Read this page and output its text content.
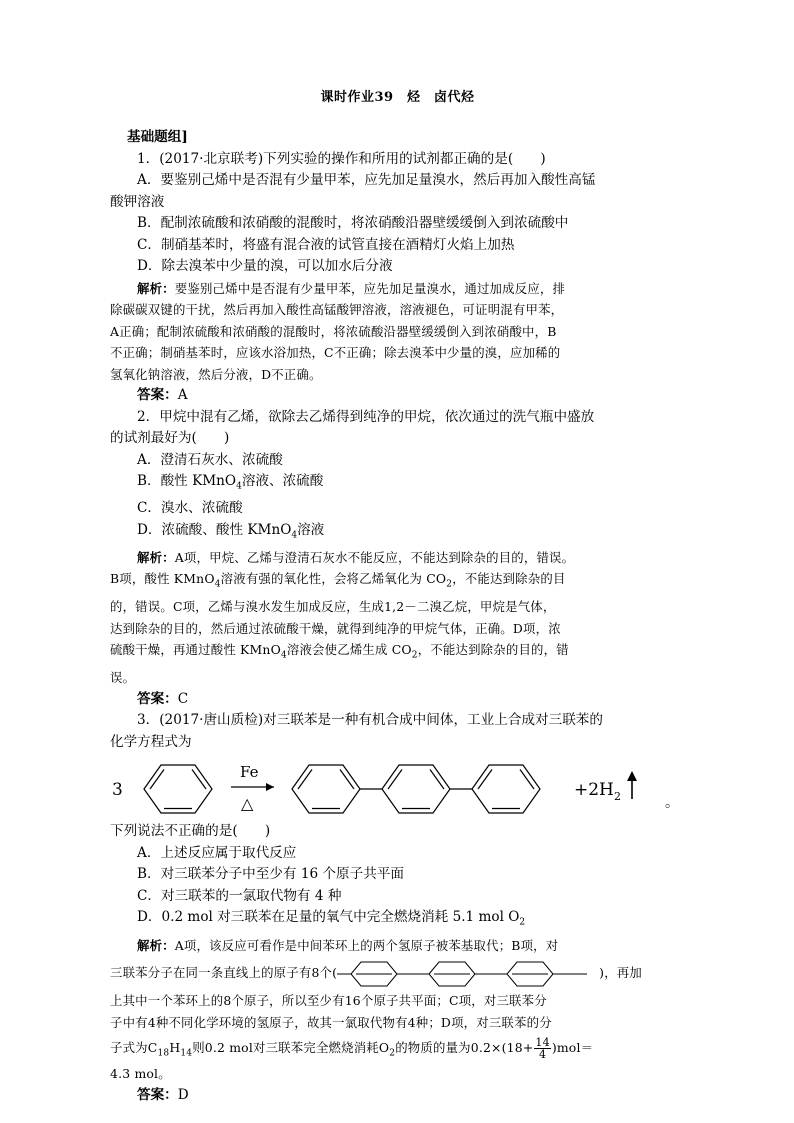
课时作业39　烃　卤代烃
基础题组]
1．(2017·北京联考)下列实验的操作和所用的试剂都正确的是(　　)
A．要鉴别己烯中是否混有少量甲苯，应先加足量溴水，然后再加入酸性高锰
酸钾溶液
B．配制浓硫酸和浓硝酸的混酸时，将浓硝酸沿器壁缓缓倒入到浓硫酸中
C．制硝基苯时，将盛有混合液的试管直接在酒精灯火焰上加热
D．除去溴苯中少量的溴，可以加水后分液
解析：要鉴别己烯中是否混有少量甲苯，应先加足量溴水，通过加成反应，排
除碳碳双键的干扰，然后再加入酸性高锰酸钾溶液，溶液褪色，可证明混有甲苯，
A正确；配制浓硫酸和浓硝酸的混酸时，将浓硫酸沿器壁缓缓倒入到浓硝酸中，B
不正确；制硝基苯时，应该水浴加热，C不正确；除去溴苯中少量的溴，应加稀的
氢氧化钠溶液，然后分液，D不正确。
答案：A
2．甲烷中混有乙烯，欲除去乙烯得到纯净的甲烷，依次通过的洗气瓶中盛放
的试剂最好为(　　)
A．澄清石灰水、浓硫酸
B．酸性 KMnO$_4$溶液、浓硫酸
C．溴水、浓硫酸
D．浓硫酸、酸性 KMnO$_4$溶液
解析：A项，甲烷、乙烯与澄清石灰水不能反应，不能达到除杂的目的，错误。
B项，酸性 KMnO$_4$溶液有强的氧化性，会将乙烯氧化为 $CO_2$，不能达到除杂的目
的，错误。C项，乙烯与溴水发生加成反应，生成1,2－二溴乙烷，甲烷是气体，
达到除杂的目的，然后通过浓硫酸干燥，就得到纯净的甲烷气体，正确。D项，浓
硫酸干燥，再通过酸性 KMnO$_4$溶液会使乙烯生成 $CO_2$，不能达到除杂的目的，错
误。
答案：C
3．(2017·唐山质检)对三联苯是一种有机合成中间体，工业上合成对三联苯的
化学方程式为
3
Fe
△
+2H 2	。
下列说法不正确的是(　　)
A．上述反应属于取代反应
B．对三联苯分子中至少有 16 个原子共平面
C．对三联苯的一氯取代物有 4 种
D．0.2 mol 对三联苯在足量的氧气中完全燃烧消耗 5.1 mol $O_2$
解析：A项，该反应可看作是中间苯环上的两个氢原子被苯基取代；B项，对
三联苯分子在同一条直线上的原子有8个(	)，再加
上其中一个苯环上的8个原子，所以至少有16个原子共平面；C项，对三联苯分
子中有4种不同化学环境的氢原子，故其一氯取代物有4种；D项，对三联苯的分
子式为$C_{18}H_{14}$则0.2 mol对三联苯完全燃烧消耗$O_2$的物质的量为$0.2\times(18+ \frac{14}{4} )mol=$
4.3 mol。
答案：D
